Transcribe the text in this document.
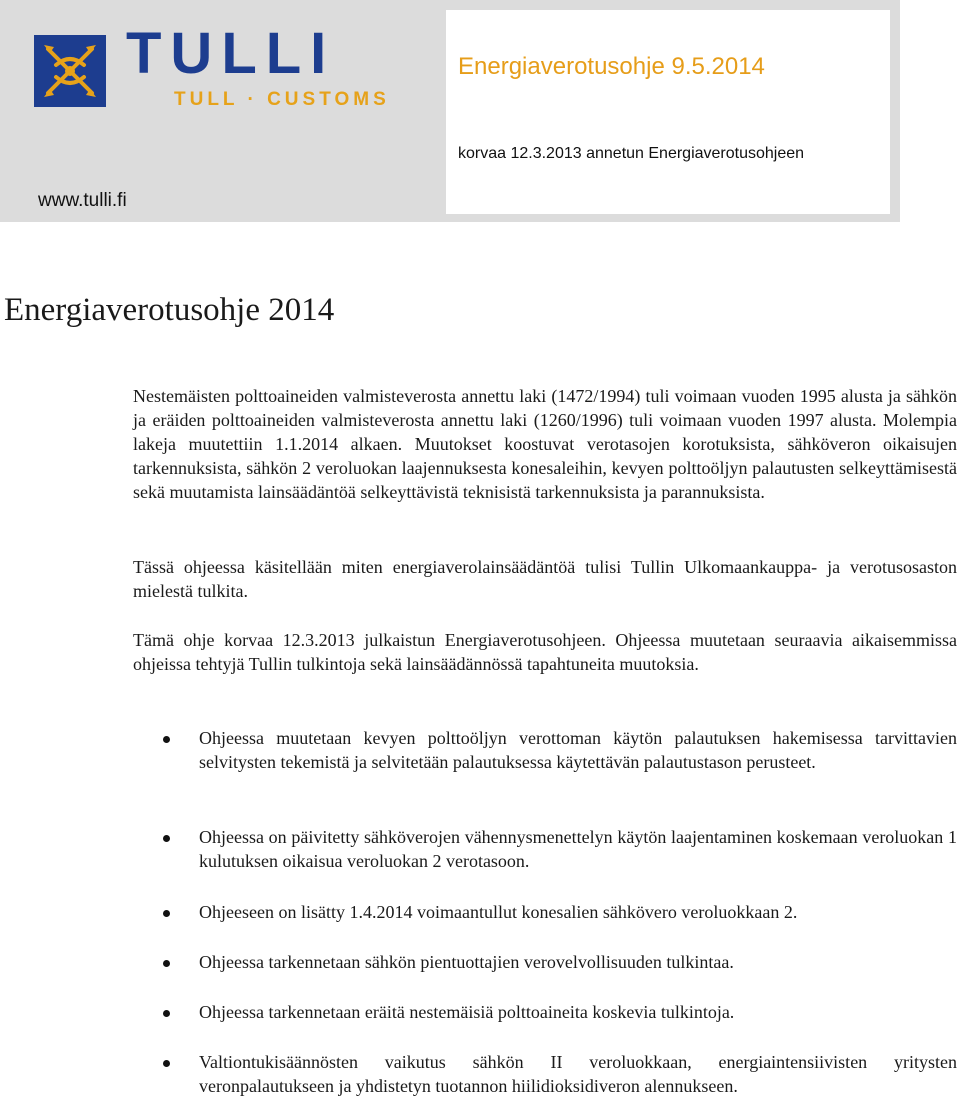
TULLI
TULL · CUSTOMS
Energiaverotusohje 9.5.2014
korvaa 12.3.2013 annetun Energiaverotusohjeen
www.tulli.fi
Energiaverotusohje 2014

Nestemäisten polttoaineiden valmisteverosta annettu laki (1472/1994) tuli voimaan vuoden 1995 alusta ja sähkön ja eräiden polttoaineiden valmisteverosta annettu laki (1260/1996) tuli voimaan vuoden 1997 alusta. Molempia lakeja muutettiin 1.1.2014 alkaen. Muutokset koostuvat verotasojen korotuksista, sähköveron oikaisujen tarkennuksista, sähkön 2 veroluokan laajennuksesta konesaleihin, kevyen polttoöljyn palautusten selkeyttämisestä sekä muutamista lainsäädäntöä selkeyttävistä teknisistä tarkennuksista ja parannuksista.

Tässä ohjeessa käsitellään miten energiaverolainsäädäntöä tulisi Tullin Ulkomaankauppa- ja verotusosaston mielestä tulkita.

Tämä ohje korvaa 12.3.2013 julkaistun Energiaverotusohjeen. Ohjeessa muutetaan seuraavia aikaisemmissa ohjeissa tehtyjä Tullin tulkintoja sekä lainsäädännössä tapahtuneita muutoksia.

Ohjeessa muutetaan kevyen polttoöljyn verottoman käytön palautuksen hakemisessa tarvittavien selvitysten tekemistä ja selvitetään palautuksessa käytettävän palautustason perusteet.
Ohjeessa on päivitetty sähköverojen vähennysmenettelyn käytön laajentaminen koskemaan veroluokan 1 kulutuksen oikaisua veroluokan 2 verotasoon.
Ohjeeseen on lisätty 1.4.2014 voimaantullut konesalien sähkövero veroluokkaan 2.
Ohjeessa tarkennetaan sähkön pientuottajien verovelvollisuuden tulkintaa.
Ohjeessa tarkennetaan eräitä nestemäisiä polttoaineita koskevia tulkintoja.
Valtiontukisäännösten vaikutus sähkön II veroluokkaan, energiaintensiivisten yritysten veronpalautukseen ja yhdistetyn tuotannon hiilidioksidiveron alennukseen.
